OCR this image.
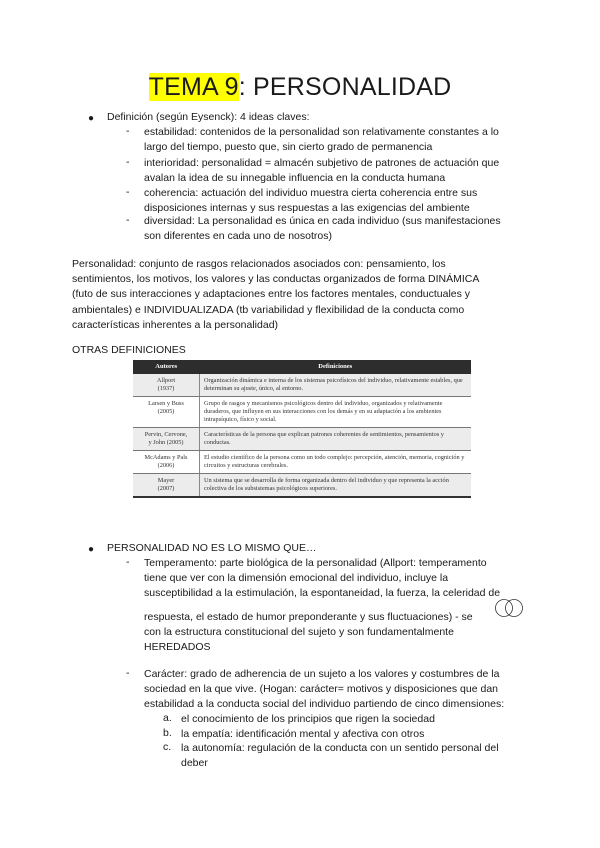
TEMA 9: PERSONALIDAD
● Definición (según Eysenck): 4 ideas claves:
- estabilidad: contenidos de la personalidad son relativamente constantes a lo
largo del tiempo, puesto que, sin cierto grado de permanencia
- interioridad: personalidad = almacén subjetivo de patrones de actuación que
avalan la idea de su innegable influencia en la conducta humana
- coherencia: actuación del individuo muestra cierta coherencia entre sus
disposiciones internas y sus respuestas a las exigencias del ambiente
- diversidad: La personalidad es única en cada individuo (sus manifestaciones
son diferentes en cada uno de nosotros)
Personalidad: conjunto de rasgos relacionados asociados con: pensamiento, los
sentimientos, los motivos, los valores y las conductas organizados de forma DINÁMICA
(futo de sus interacciones y adaptaciones entre los factores mentales, conductuales y
ambientales) e INDIVIDUALIZADA (tb variabilidad y flexibilidad de la conducta como
características inherentes a la personalidad)
OTRAS DEFINICIONES
Autores	Definiciones

Allport
(1937)	Organización dinámica e interna de los sistemas psicofísicos del individuo, relativamente estables, que determinan su ajuste, único, al entorno.

Larsen y Buss
(2005)	Grupo de rasgos y mecanismos psicológicos dentro del individuo, organizados y relativamente duraderos, que influyen en sus interacciones con los demás y en su adaptación a los ambientes intrapsíquico, físico y social.

Pervin, Cervone,
y John (2005)	Características de la persona que explican patrones coherentes de sentimientos, pensamientos y conductas.

McAdams y Pals
(2006)	El estudio científico de la persona como un todo complejo: percepción, atención, memoria, cognición y circuitos y estructuras cerebrales.

Mayer
(2007)	Un sistema que se desarrolla de forma organizada dentro del individuo y que representa la acción colectiva de los subsistemas psicológicos superiores.
● PERSONALIDAD NO ES LO MISMO QUE…
- Temperamento: parte biológica de la personalidad (Allport: temperamento
tiene que ver con la dimensión emocional del individuo, incluye la
susceptibilidad a la estimulación, la espontaneidad, la fuerza, la celeridad de
respuesta, el estado de humor preponderante y sus fluctuaciones) - se
con la estructura constitucional del sujeto y son fundamentalmente
HEREDADOS
- Carácter: grado de adherencia de un sujeto a los valores y costumbres de la
sociedad en la que vive. (Hogan: carácter= motivos y disposiciones que dan
estabilidad a la conducta social del individuo partiendo de cinco dimensiones:
a. el conocimiento de los principios que rigen la sociedad
b. la empatía: identificación mental y afectiva con otros
c. la autonomía: regulación de la conducta con un sentido personal del
deber
